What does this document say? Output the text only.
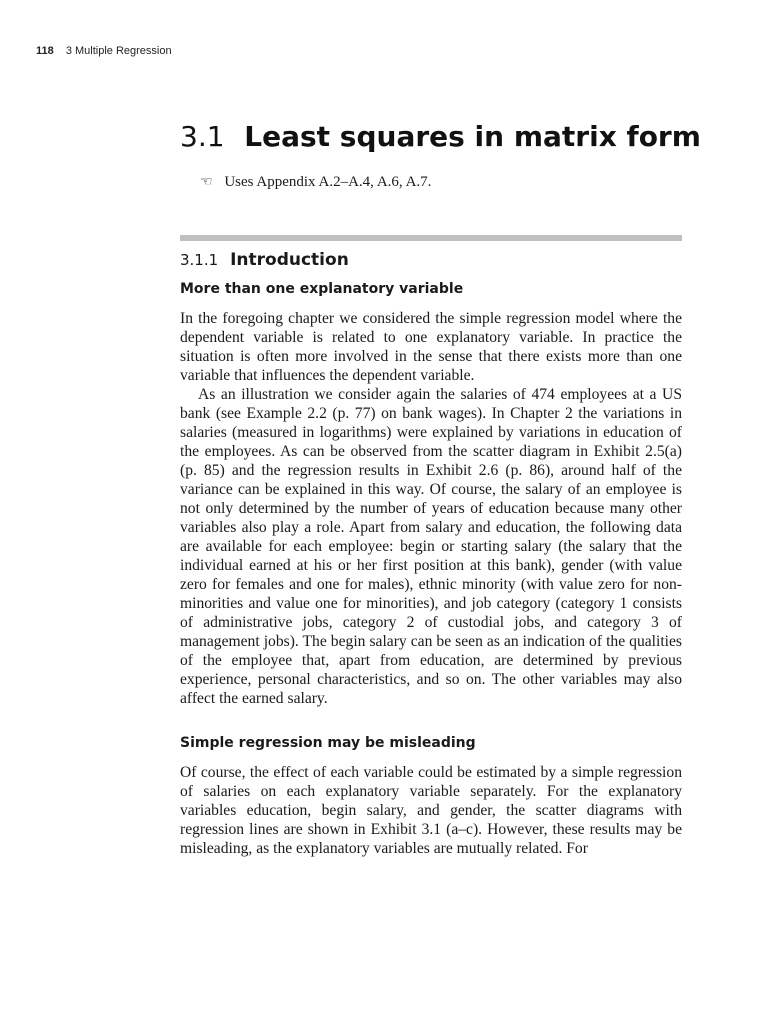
118 3 Multiple Regression
3.1 Least squares in matrix form
☜ Uses Appendix A.2–A.4, A.6, A.7.
3.1.1 Introduction
More than one explanatory variable

In the foregoing chapter we considered the simple regression model where the dependent variable is related to one explanatory variable. In practice the situation is often more involved in the sense that there exists more than one variable that influences the dependent variable.

As an illustration we consider again the salaries of 474 employees at a US bank (see Example 2.2 (p. 77) on bank wages). In Chapter 2 the variations in salaries (measured in logarithms) were explained by variations in education of the employees. As can be observed from the scatter diagram in Exhibit 2.5(a) (p. 85) and the regression results in Exhibit 2.6 (p. 86), around half of the variance can be explained in this way. Of course, the salary of an employee is not only determined by the number of years of education because many other variables also play a role. Apart from salary and education, the following data are available for each employee: begin or starting salary (the salary that the individual earned at his or her first position at this bank), gender (with value zero for females and one for males), ethnic minority (with value zero for non-minorities and value one for minorities), and job category (category 1 consists of administrative jobs, category 2 of custodial jobs, and category 3 of management jobs). The begin salary can be seen as an indication of the qualities of the employee that, apart from education, are determined by previous experience, personal characteristics, and so on. The other variables may also affect the earned salary.

Simple regression may be misleading

Of course, the effect of each variable could be estimated by a simple regression of salaries on each explanatory variable separately. For the explanatory variables education, begin salary, and gender, the scatter diagrams with regression lines are shown in Exhibit 3.1 (a–c). However, these results may be misleading, as the explanatory variables are mutually related. For
